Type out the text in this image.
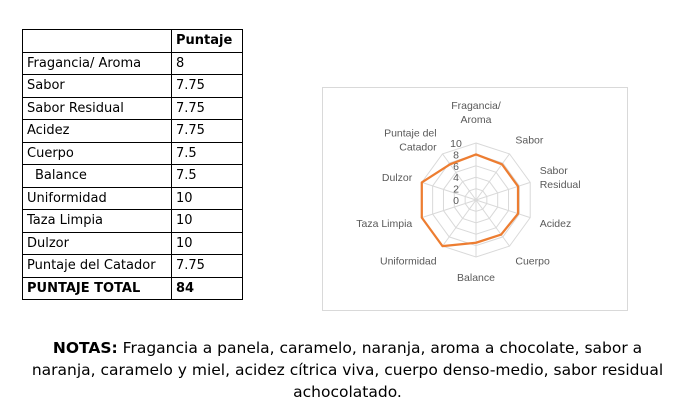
	Puntaje
Fragancia/ Aroma	8
Sabor	7.75
Sabor Residual	7.75
Acidez	7.75
Cuerpo	7.5
Balance	7.5
Uniformidad	10
Taza Limpia	10
Dulzor	10
Puntaje del Catador	7.75
PUNTAJE TOTAL	84
0
2
4
6
8
10
Fragancia/ Aroma
Sabor
Sabor Residual
Acidez
Cuerpo
Balance
Uniformidad
Taza Limpia
Dulzor
Puntaje del Catador
NOTAS: Fragancia a panela, caramelo, naranja, aroma a chocolate, sabor a naranja, caramelo y miel, acidez cítrica viva, cuerpo denso-medio, sabor residual achocolatado.
